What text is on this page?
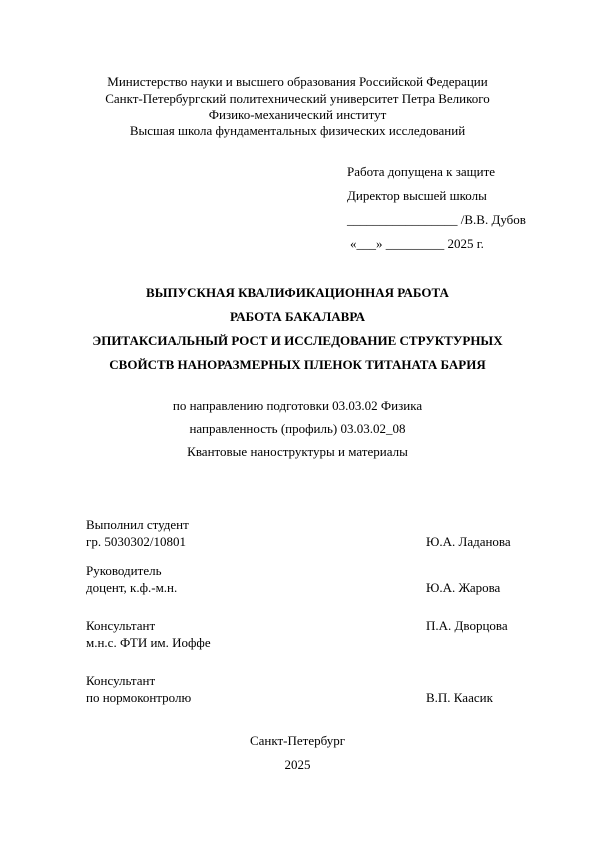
Министерство науки и высшего образования Российской Федерации
Санкт-Петербургский политехнический университет Петра Великого
Физико-механический институт
Высшая школа фундаментальных физических исследований
Работа допущена к защите
Директор высшей школы
_________________ /В.В. Дубов
«___» _________ 2025 г.
ВЫПУСКНАЯ КВАЛИФИКАЦИОННАЯ РАБОТА
РАБОТА БАКАЛАВРА
ЭПИТАКСИАЛЬНЫЙ РОСТ И ИССЛЕДОВАНИЕ СТРУКТУРНЫХ
СВОЙСТВ НАНОРАЗМЕРНЫХ ПЛЕНОК ТИТАНАТА БАРИЯ
по направлению подготовки 03.03.02 Физика
направленность (профиль) 03.03.02_08
Квантовые наноструктуры и материалы
Выполнил студент
гр. 5030302/10801	Ю.А. Ладанова
Руководитель
доцент, к.ф.-м.н.	Ю.А. Жарова
Консультант	П.А. Дворцова
м.н.с. ФТИ им. Иоффе
Консультант
по нормоконтролю	В.П. Каасик
Санкт-Петербург
2025
